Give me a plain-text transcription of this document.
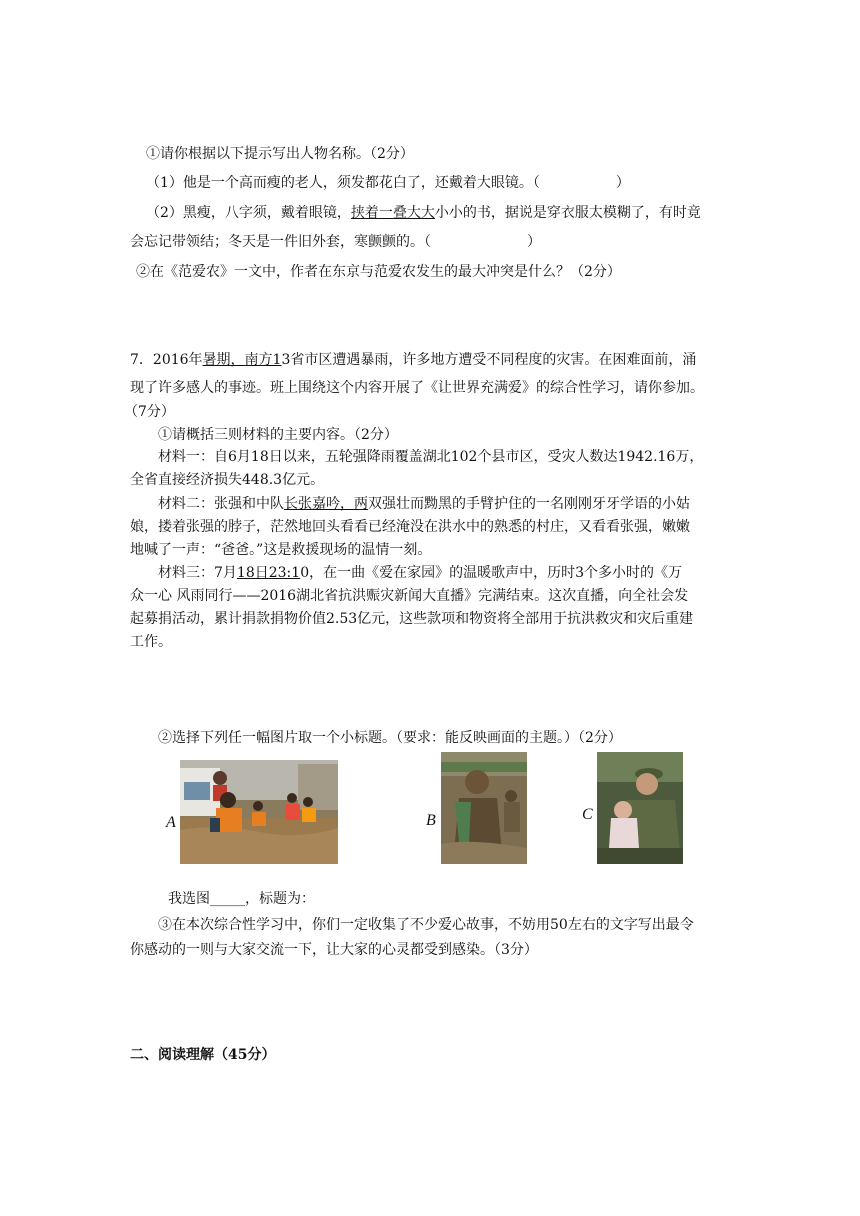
①请你根据以下提示写出人物名称。（2分）
（1）他是一个高而瘦的老人，须发都花白了，还戴着大眼镜。（	）
（2）黑瘦，八字须，戴着眼镜，挟着一叠大大小小的书，据说是穿衣服太模糊了，有时竟
会忘记带领结；冬天是一件旧外套，寒颤颤的。（	）
②在《范爱农》一文中，作者在东京与范爱农发生的最大冲突是什么？（2分）
7．2016年暑期，南方13省市区遭遇暴雨，许多地方遭受不同程度的灾害。在困难面前，涌
现了许多感人的事迹。班上围绕这个内容开展了《让世界充满爱》的综合性学习，请你参加。
（7分）
①请概括三则材料的主要内容。（2分）
材料一：自6月18日以来，五轮强降雨覆盖湖北102个县市区，受灾人数达1942.16万，
全省直接经济损失448.3亿元。
材料二：张强和中队长张嘉吟，两双强壮而黝黑的手臂护住的一名刚刚牙牙学语的小姑
娘，搂着张强的脖子，茫然地回头看看已经淹没在洪水中的熟悉的村庄，又看看张强，嫩嫩
地喊了一声：“爸爸。”这是救援现场的温情一刻。
材料三：7月18日23:10，在一曲《爱在家园》的温暖歌声中，历时3个多小时的《万
众一心 风雨同行——2016湖北省抗洪赈灾新闻大直播》完满结束。这次直播，向全社会发
起募捐活动，累计捐款捐物价值2.53亿元，这些款项和物资将全部用于抗洪救灾和灾后重建
工作。
②选择下列任一幅图片取一个小标题。（要求：能反映画面的主题。）（2分）
A	B	C
我选图_____，标题为：
③在本次综合性学习中，你们一定收集了不少爱心故事，不妨用50左右的文字写出最令
你感动的一则与大家交流一下，让大家的心灵都受到感染。（3分）
二、阅读理解（45分）
